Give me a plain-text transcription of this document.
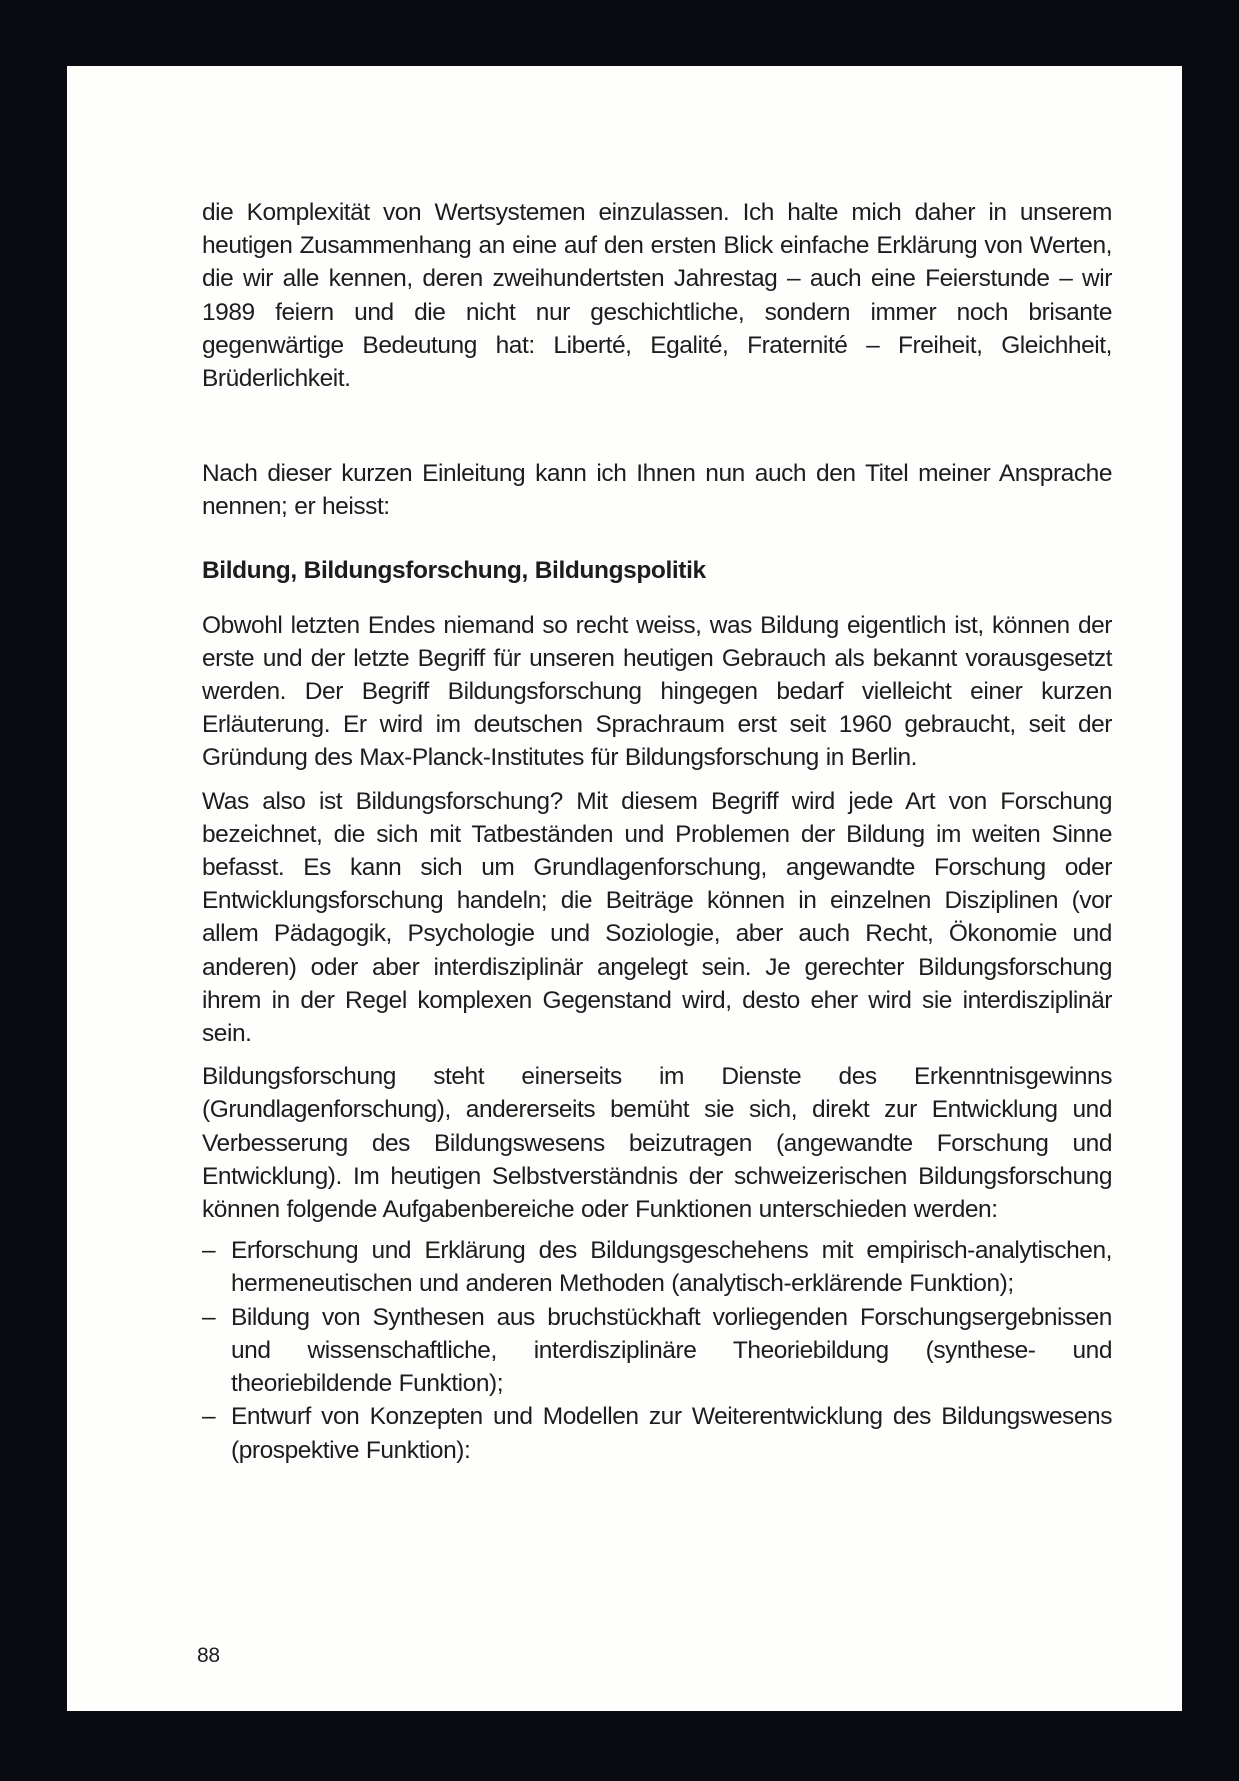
die Komplexität von Wertsystemen einzulassen. Ich halte mich daher in unserem heutigen Zusammenhang an eine auf den ersten Blick einfache Erklärung von Werten, die wir alle kennen, deren zweihundertsten Jahrestag – auch eine Feierstunde – wir 1989 feiern und die nicht nur geschichtliche, sondern immer noch brisante gegenwärtige Bedeutung hat: Liberté, Egalité, Fraternité – Freiheit, Gleichheit, Brüderlichkeit.

Nach dieser kurzen Einleitung kann ich Ihnen nun auch den Titel meiner Ansprache nennen; er heisst:

Bildung, Bildungsforschung, Bildungspolitik

Obwohl letzten Endes niemand so recht weiss, was Bildung eigentlich ist, können der erste und der letzte Begriff für unseren heutigen Gebrauch als bekannt vorausgesetzt werden. Der Begriff Bildungsforschung hingegen bedarf vielleicht einer kurzen Erläuterung. Er wird im deutschen Sprachraum erst seit 1960 gebraucht, seit der Gründung des Max-Planck-Institutes für Bildungsforschung in Berlin.

Was also ist Bildungsforschung? Mit diesem Begriff wird jede Art von Forschung bezeichnet, die sich mit Tatbeständen und Problemen der Bildung im weiten Sinne befasst. Es kann sich um Grundlagenforschung, angewandte Forschung oder Entwicklungsforschung handeln; die Beiträge können in einzelnen Disziplinen (vor allem Pädagogik, Psychologie und Soziologie, aber auch Recht, Ökonomie und anderen) oder aber interdisziplinär angelegt sein. Je gerechter Bildungsforschung ihrem in der Regel komplexen Gegenstand wird, desto eher wird sie interdisziplinär sein.

Bildungsforschung steht einerseits im Dienste des Erkenntnisgewinns (Grundlagenforschung), andererseits bemüht sie sich, direkt zur Entwicklung und Verbesserung des Bildungswesens beizutragen (angewandte Forschung und Entwicklung). Im heutigen Selbstverständnis der schweizerischen Bildungsforschung können folgende Aufgabenbereiche oder Funktionen unterschieden werden:

– Erforschung und Erklärung des Bildungsgeschehens mit empirisch-analytischen, hermeneutischen und anderen Methoden (analytisch-erklärende Funktion);
– Bildung von Synthesen aus bruchstückhaft vorliegenden Forschungsergebnissen und wissenschaftliche, interdisziplinäre Theoriebildung (synthese- und theoriebildende Funktion);
– Entwurf von Konzepten und Modellen zur Weiterentwicklung des Bildungswesens (prospektive Funktion):
88
